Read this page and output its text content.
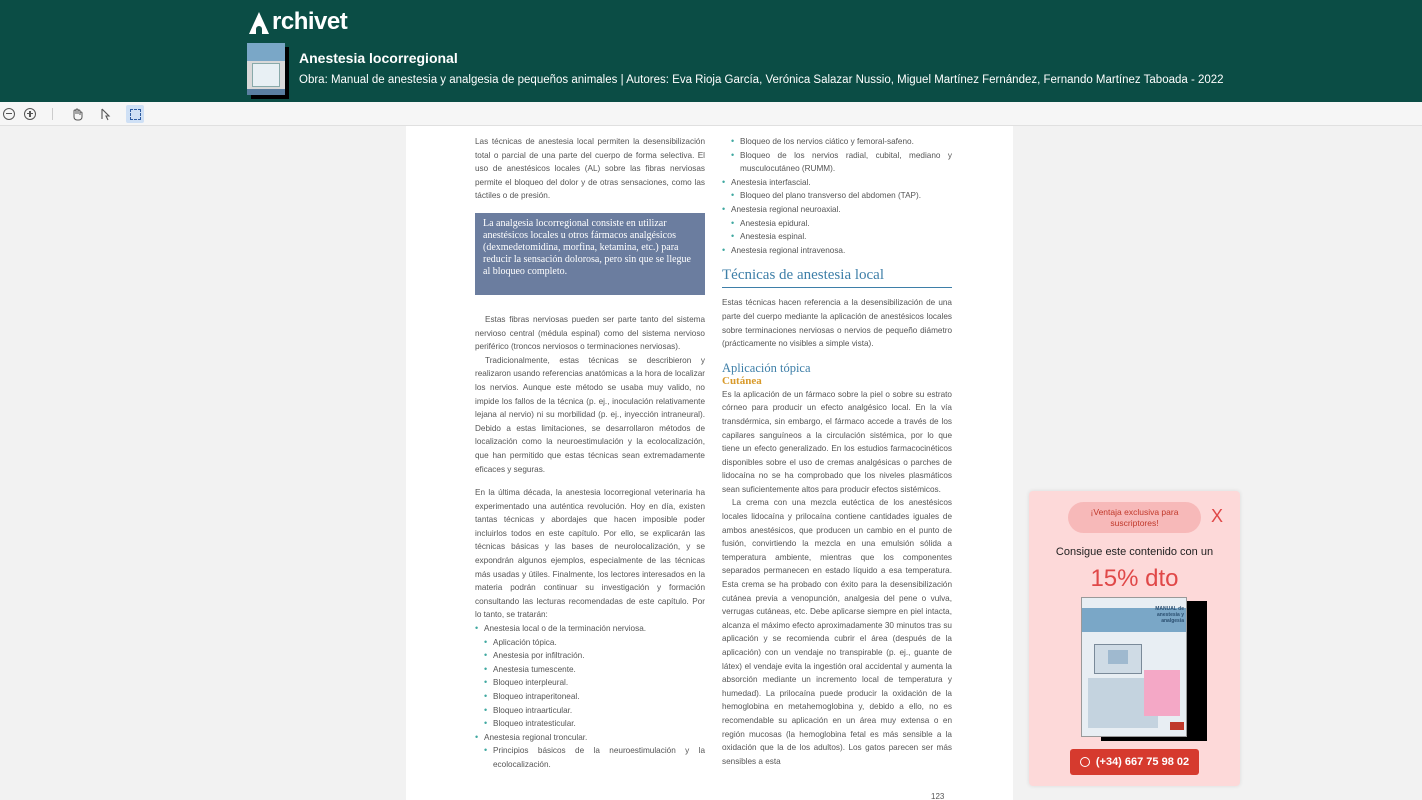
rchivet
Anestesia locorregional
Obra: Manual de anestesia y analgesia de pequeños animales | Autores: Eva Rioja García, Verónica Salazar Nussio, Miguel Martínez Fernández, Fernando Martínez Taboada - 2022
Las técnicas de anestesia local permiten la desensibilización total o parcial de una parte del cuerpo de forma selectiva. El uso de anestésicos locales (AL) sobre las fibras nerviosas permite el bloqueo del dolor y de otras sensaciones, como las táctiles o de presión.
La analgesia locorregional consiste en utilizar anestésicos locales u otros fármacos analgésicos (dexmedetomidina, morfina, ketamina, etc.) para reducir la sensación dolorosa, pero sin que se llegue al bloqueo completo.
Estas fibras nerviosas pueden ser parte tanto del sistema nervioso central (médula espinal) como del sistema nervioso periférico (troncos nerviosos o terminaciones nerviosas).
Tradicionalmente, estas técnicas se describieron y realizaron usando referencias anatómicas a la hora de localizar los nervios. Aunque este método se usaba muy valido, no impide los fallos de la técnica (p. ej., inoculación relativamente lejana al nervio) ni su morbilidad (p. ej., inyección intraneural). Debido a estas limitaciones, se desarrollaron métodos de localización como la neuroestimulación y la ecolocalización, que han permitido que estas técnicas sean extremadamente eficaces y seguras.
En la última década, la anestesia locorregional veterinaria ha experimentado una auténtica revolución. Hoy en día, existen tantas técnicas y abordajes que hacen imposible poder incluirlos todos en este capítulo. Por ello, se explicarán las técnicas básicas y las bases de neurolocalización, y se expondrán algunos ejemplos, especialmente de las técnicas más usadas y útiles. Finalmente, los lectores interesados en la materia podrán continuar su investigación y formación consultando las lecturas recomendadas de este capítulo. Por lo tanto, se tratarán:
• Anestesia local o de la terminación nerviosa.
• Aplicación tópica.
• Anestesia por infiltración.
• Anestesia tumescente.
• Bloqueo interpleural.
• Bloqueo intraperitoneal.
• Bloqueo intraarticular.
• Bloqueo intratesticular.
• Anestesia regional troncular.
• Principios básicos de la neuroestimulación y la ecolocalización.
• Bloqueo de los nervios ciático y femoral-safeno.
• Bloqueo de los nervios radial, cubital, mediano y musculocutáneo (RUMM).
• Anestesia interfascial.
• Bloqueo del plano transverso del abdomen (TAP).
• Anestesia regional neuroaxial.
• Anestesia epidural.
• Anestesia espinal.
• Anestesia regional intravenosa.
Técnicas de anestesia local
Estas técnicas hacen referencia a la desensibilización de una parte del cuerpo mediante la aplicación de anestésicos locales sobre terminaciones nerviosas o nervios de pequeño diámetro (prácticamente no visibles a simple vista).
Aplicación tópica
Cutánea
Es la aplicación de un fármaco sobre la piel o sobre su estrato córneo para producir un efecto analgésico local. En la vía transdérmica, sin embargo, el fármaco accede a través de los capilares sanguíneos a la circulación sistémica, por lo que tiene un efecto generalizado. En los estudios farmacocinéticos disponibles sobre el uso de cremas analgésicas o parches de lidocaína no se ha comprobado que los niveles plasmáticos sean suficientemente altos para producir efectos sistémicos.
La crema con una mezcla eutéctica de los anestésicos locales lidocaína y prilocaína contiene cantidades iguales de ambos anestésicos, que producen un cambio en el punto de fusión, convirtiendo la mezcla en una emulsión sólida a temperatura ambiente, mientras que los componentes separados permanecen en estado líquido a esa temperatura. Esta crema se ha probado con éxito para la desensibilización cutánea previa a venopunción, analgesia del pene o vulva, verrugas cutáneas, etc. Debe aplicarse siempre en piel intacta, alcanza el máximo efecto aproximadamente 30 minutos tras su aplicación y se recomienda cubrir el área (después de la aplicación) con un vendaje no transpirable (p. ej., guante de látex) el vendaje evita la ingestión oral accidental y aumenta la absorción mediante un incremento local de temperatura y humedad). La prilocaína puede producir la oxidación de la hemoglobina en metahemoglobina y, debido a ello, no es recomendable su aplicación en un área muy extensa o en región mucosas (la hemoglobina fetal es más sensible a la oxidación que la de los adultos). Los gatos parecen ser más sensibles a esta
123
¡Ventaja exclusiva para suscriptores!	X
Consigue este contenido con un
15% dto
MANUAL de anestesia y analgesia
(+34) 667 75 98 02
